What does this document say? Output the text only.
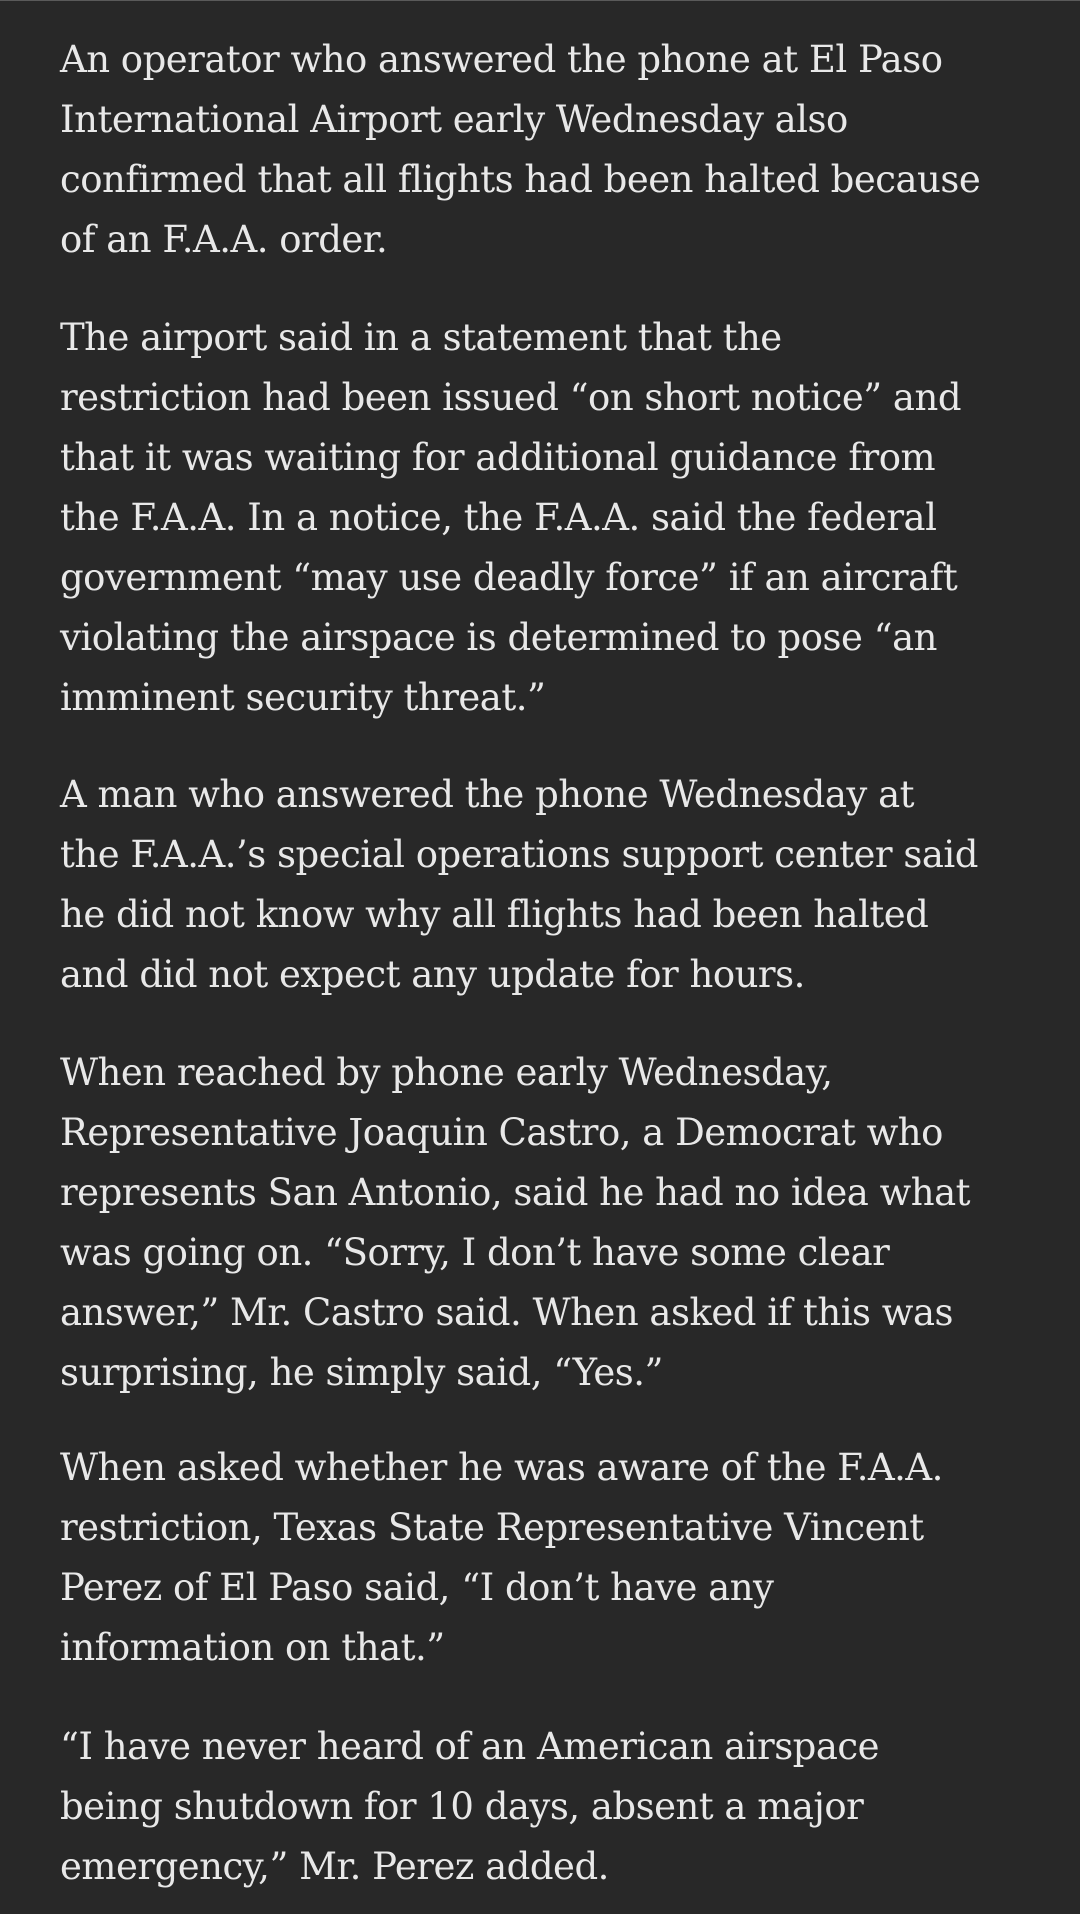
An operator who answered the phone at El Paso
International Airport early Wednesday also
confirmed that all flights had been halted because
of an F.A.A. order.

The airport said in a statement that the
restriction had been issued “on short notice” and
that it was waiting for additional guidance from
the F.A.A. In a notice, the F.A.A. said the federal
government “may use deadly force” if an aircraft
violating the airspace is determined to pose “an
imminent security threat.”

A man who answered the phone Wednesday at
the F.A.A.’s special operations support center said
he did not know why all flights had been halted
and did not expect any update for hours.

When reached by phone early Wednesday,
Representative Joaquin Castro, a Democrat who
represents San Antonio, said he had no idea what
was going on. “Sorry, I don’t have some clear
answer,” Mr. Castro said. When asked if this was
surprising, he simply said, “Yes.”

When asked whether he was aware of the F.A.A.
restriction, Texas State Representative Vincent
Perez of El Paso said, “I don’t have any
information on that.”

“I have never heard of an American airspace
being shutdown for 10 days, absent a major
emergency,” Mr. Perez added.
